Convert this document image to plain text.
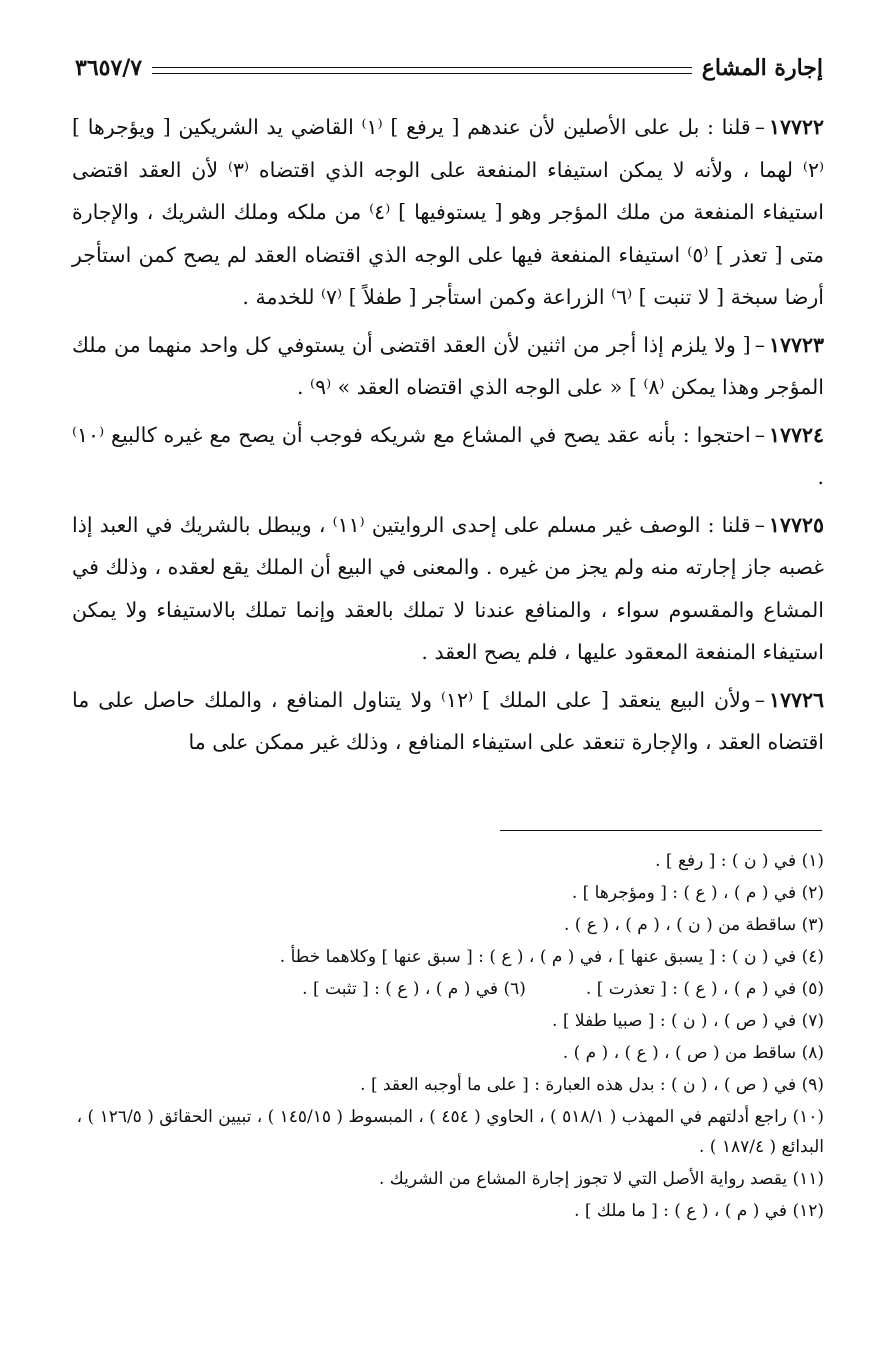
إجارة المشاع
٣٦٥٧/٧

١٧٧٢٢–قلنا : بل على الأصلين لأن عندهم [ يرفع ] ⁽١⁾ القاضي يد الشريكين [ ويؤجرها ] ⁽٢⁾ لهما ، ولأنه لا يمكن استيفاء المنفعة على الوجه الذي اقتضاه ⁽٣⁾ لأن العقد اقتضى استيفاء المنفعة من ملك المؤجر وهو [ يستوفيها ] ⁽٤⁾ من ملكه وملك الشريك ، والإجارة متى [ تعذر ] ⁽٥⁾ استيفاء المنفعة فيها على الوجه الذي اقتضاه العقد لم يصح كمن استأجر أرضا سبخة [ لا تنبت ] ⁽٦⁾ الزراعة وكمن استأجر [ طفلاً ] ⁽٧⁾ للخدمة .

١٧٧٢٣–[ ولا يلزم إذا أجر من اثنين لأن العقد اقتضى أن يستوفي كل واحد منهما من ملك المؤجر وهذا يمكن ⁽٨⁾ ] « على الوجه الذي اقتضاه العقد » ⁽٩⁾ .

١٧٧٢٤–احتجوا : بأنه عقد يصح في المشاع مع شريكه فوجب أن يصح مع غيره كالبيع ⁽١٠⁾ .

١٧٧٢٥–قلنا : الوصف غير مسلم على إحدى الروايتين ⁽١١⁾ ، ويبطل بالشريك في العبد إذا غصبه جاز إجارته منه ولم يجز من غيره . والمعنى في البيع أن الملك يقع لعقده ، وذلك في المشاع والمقسوم سواء ، والمنافع عندنا لا تملك بالعقد وإنما تملك بالاستيفاء ولا يمكن استيفاء المنفعة المعقود عليها ، فلم يصح العقد .

١٧٧٢٦–ولأن البيع ينعقد [ على الملك ] ⁽١٢⁾ ولا يتناول المنافع ، والملك حاصل على ما اقتضاه العقد ، والإجارة تنعقد على استيفاء المنافع ، وذلك غير ممكن على ما

(١) في ( ن ) : [ رفع ] .

(٢) في ( م ) ، ( ع ) : [ ومؤجرها ] .

(٣) ساقطة من ( ن ) ، ( م ) ، ( ع ) .

(٤) في ( ن ) : [ يسبق عنها ] ، في ( م ) ، ( ع ) : [ سبق عنها ] وكلاهما خطأ .

(٥) في ( م ) ، ( ع ) : [ تعذرت ] .
(٦) في ( م ) ، ( ع ) : [ تثبت ] .

(٧) في ( ص ) ، ( ن ) : [ صبيا طفلا ] .

(٨) ساقط من ( ص ) ، ( ع ) ، ( م ) .

(٩) في ( ص ) ، ( ن ) : بدل هذه العبارة : [ على ما أوجبه العقد ] .

(١٠) راجع أدلتهم في المهذب ( ٥١٨/١ ) ، الحاوي ( ٤٥٤ ) ، المبسوط ( ١٤٥/١٥ ) ، تبيين الحقائق ( ١٢٦/٥ ) ، البدائع ( ١٨٧/٤ ) .

(١١) يقصد رواية الأصل التي لا تجوز إجارة المشاع من الشريك .

(١٢) في ( م ) ، ( ع ) : [ ما ملك ] .
